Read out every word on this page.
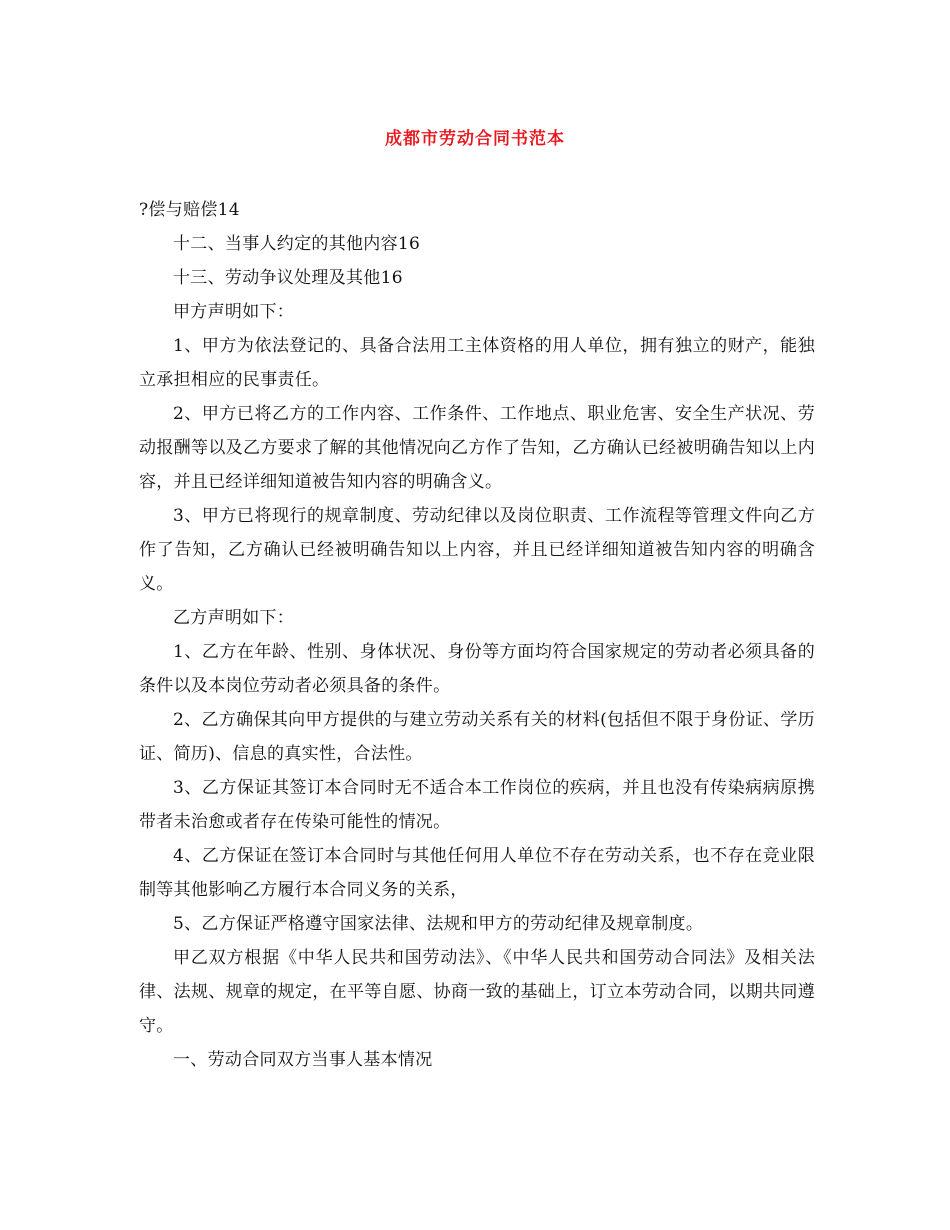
成都市劳动合同书范本

?偿与赔偿14

十二、当事人约定的其他内容16

十三、劳动争议处理及其他16

甲方声明如下：

1、甲方为依法登记的、具备合法用工主体资格的用人单位，拥有独立的财产，能独立承担相应的民事责任。

2、甲方已将乙方的工作内容、工作条件、工作地点、职业危害、安全生产状况、劳动报酬等以及乙方要求了解的其他情况向乙方作了告知，乙方确认已经被明确告知以上内容，并且已经详细知道被告知内容的明确含义。

3、甲方已将现行的规章制度、劳动纪律以及岗位职责、工作流程等管理文件向乙方作了告知，乙方确认已经被明确告知以上内容，并且已经详细知道被告知内容的明确含义。

乙方声明如下：

1、乙方在年龄、性别、身体状况、身份等方面均符合国家规定的劳动者必须具备的条件以及本岗位劳动者必须具备的条件。

2、乙方确保其向甲方提供的与建立劳动关系有关的材料(包括但不限于身份证、学历证、简历)、信息的真实性，合法性。

3、乙方保证其签订本合同时无不适合本工作岗位的疾病，并且也没有传染病病原携带者未治愈或者存在传染可能性的情况。

4、乙方保证在签订本合同时与其他任何用人单位不存在劳动关系，也不存在竞业限制等其他影响乙方履行本合同义务的关系，

5、乙方保证严格遵守国家法律、法规和甲方的劳动纪律及规章制度。

甲乙双方根据《中华人民共和国劳动法》、《中华人民共和国劳动合同法》及相关法律、法规、规章的规定，在平等自愿、协商一致的基础上，订立本劳动合同，以期共同遵守。

一、劳动合同双方当事人基本情况
